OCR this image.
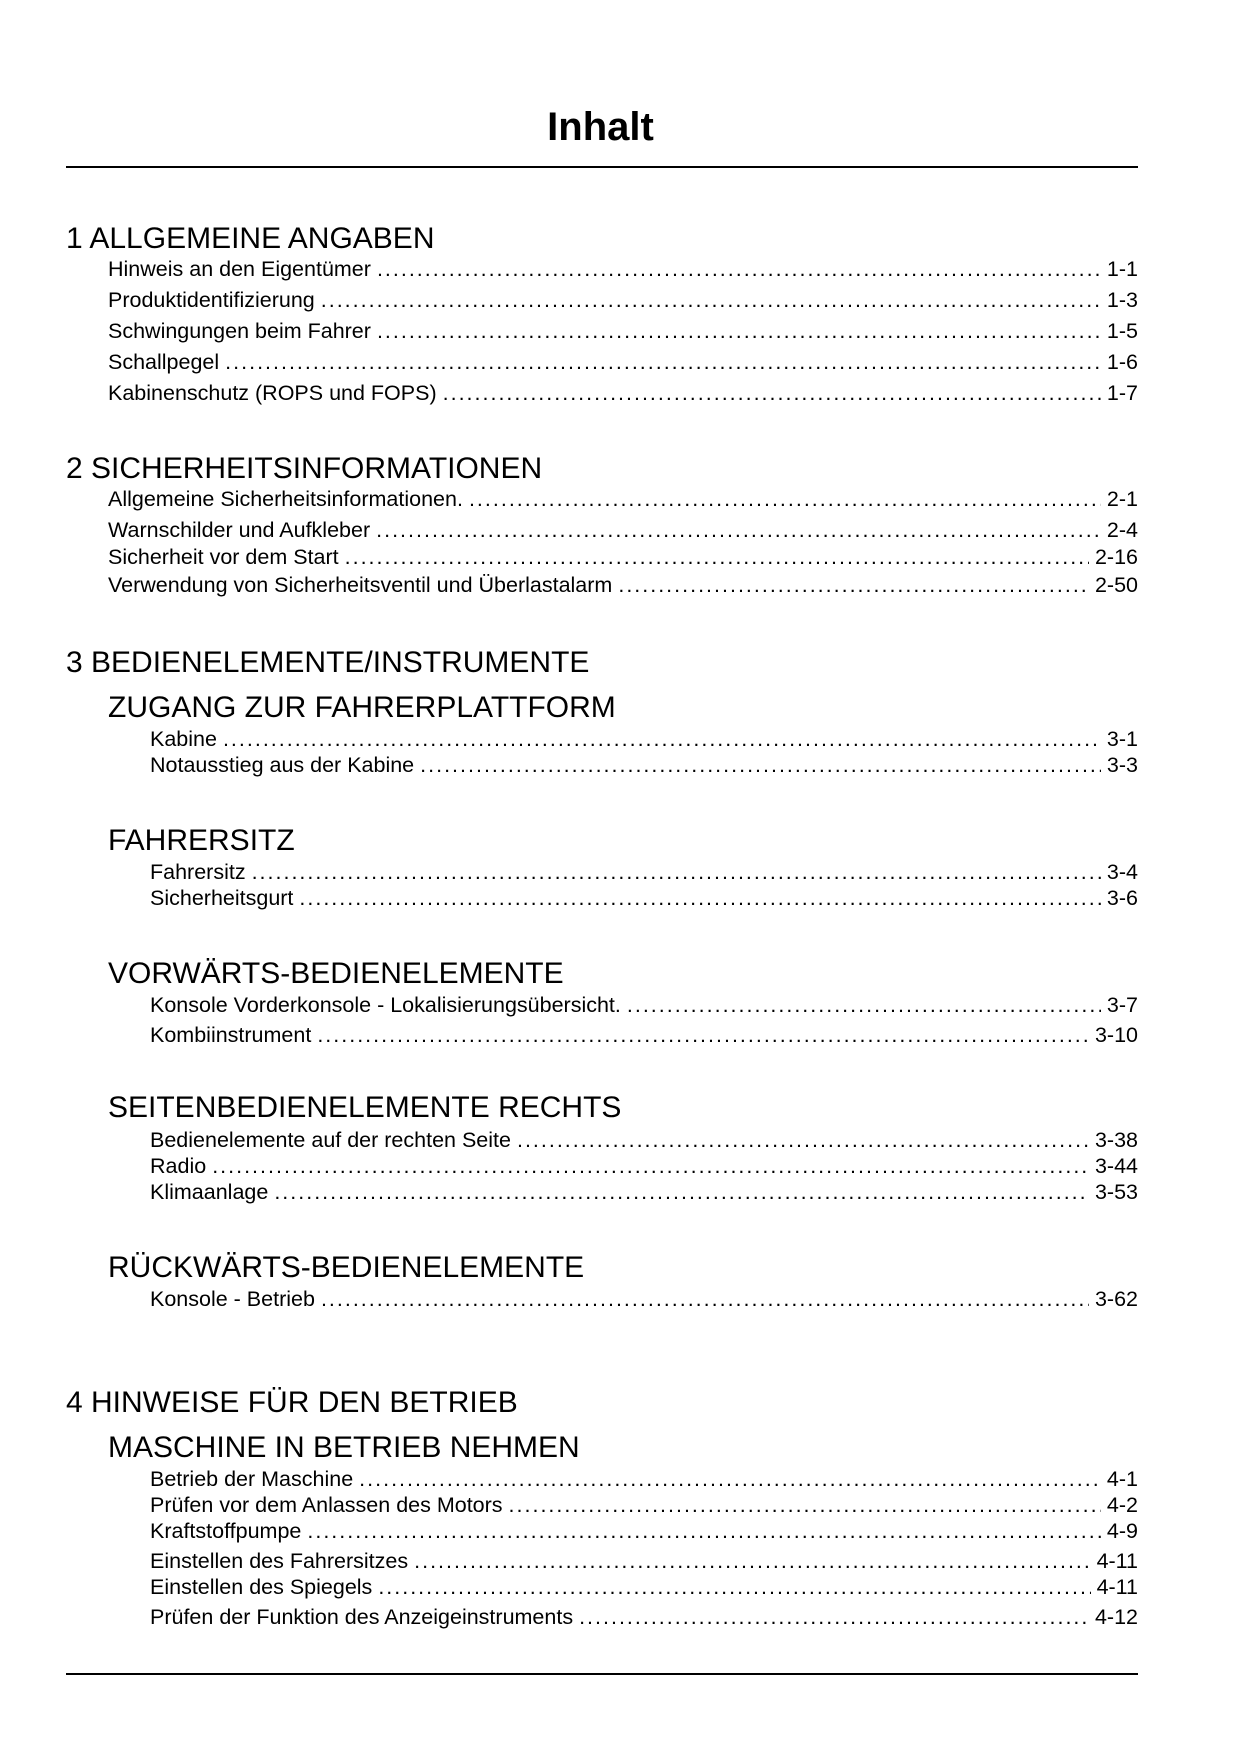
Inhalt
1 ALLGEMEINE ANGABEN
Hinweis an den Eigentümer .....	1-1
Produktidentifizierung .....	1-3
Schwingungen beim Fahrer .....	1-5
Schallpegel .....	1-6
Kabinenschutz (ROPS und FOPS) .....	1-7
2 SICHERHEITSINFORMATIONEN
Allgemeine Sicherheitsinformationen. .....	2-1
Warnschilder und Aufkleber .....	2-4
Sicherheit vor dem Start .....	2-16
Verwendung von Sicherheitsventil und Überlastalarm .....	2-50
3 BEDIENELEMENTE/INSTRUMENTE
ZUGANG ZUR FAHRERPLATTFORM
Kabine .....	3-1
Notausstieg aus der Kabine .....	3-3
FAHRERSITZ
Fahrersitz .....	3-4
Sicherheitsgurt .....	3-6
VORWÄRTS-BEDIENELEMENTE
Konsole Vorderkonsole - Lokalisierungsübersicht. .....	3-7
Kombiinstrument .....	3-10
SEITENBEDIENELEMENTE RECHTS
Bedienelemente auf der rechten Seite .....	3-38
Radio .....	3-44
Klimaanlage .....	3-53
RÜCKWÄRTS-BEDIENELEMENTE
Konsole - Betrieb .....	3-62
4 HINWEISE FÜR DEN BETRIEB
MASCHINE IN BETRIEB NEHMEN
Betrieb der Maschine .....	4-1
Prüfen vor dem Anlassen des Motors .....	4-2
Kraftstoffpumpe .....	4-9
Einstellen des Fahrersitzes .....	4-11
Einstellen des Spiegels .....	4-11
Prüfen der Funktion des Anzeigeinstruments .....	4-12
